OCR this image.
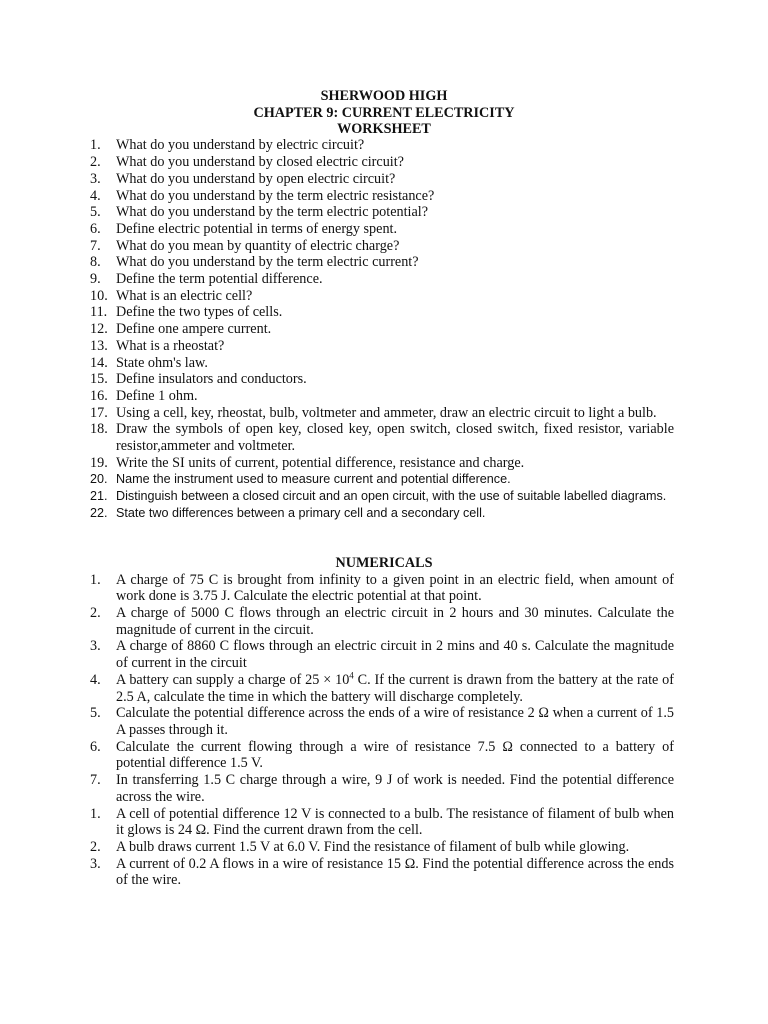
SHERWOOD HIGH
CHAPTER 9: CURRENT ELECTRICITY
WORKSHEET
1.	What do you understand by electric circuit?
2.	What do you understand by closed electric circuit?
3.	What do you understand by open electric circuit?
4.	What do you understand by the term electric resistance?
5.	What do you understand by the term electric potential?
6.	Define electric potential in terms of energy spent.
7.	What do you mean by quantity of electric charge?
8.	What do you understand by the term electric current?
9.	Define the term potential difference.
10. What is an electric cell?
11. Define the two types of cells.
12. Define one ampere current.
13. What is a rheostat?
14. State ohm's law.
15. Define insulators and conductors.
16. Define 1 ohm.
17. Using a cell, key, rheostat, bulb, voltmeter and ammeter, draw an electric circuit to light a bulb.
18. Draw the symbols of open key, closed key, open switch, closed switch, fixed resistor, variable resistor,ammeter and voltmeter.
19. Write the SI units of current, potential difference, resistance and charge.
20. Name the instrument used to measure current and potential difference.
21. Distinguish between a closed circuit and an open circuit, with the use of suitable labelled diagrams.
22. State two differences between a primary cell and a secondary cell.
NUMERICALS
1.	A charge of 75 C is brought from infinity to a given point in an electric field, when amount of work done is 3.75 J. Calculate the electric potential at that point.
2.	A charge of 5000 C flows through an electric circuit in 2 hours and 30 minutes. Calculate the magnitude of current in the circuit.
3.	A charge of 8860 C flows through an electric circuit in 2 mins and 40 s. Calculate the magnitude of current in the circuit
4.	A battery can supply a charge of $25 \times 10^4$ C. If the current is drawn from the battery at the rate of 2.5 A, calculate the time in which the battery will discharge completely.
5.	Calculate the potential difference across the ends of a wire of resistance 2 Ω when a current of 1.5 A passes through it.
6.	Calculate the current flowing through a wire of resistance 7.5 Ω connected to a battery of potential difference 1.5 V.
7.	In transferring 1.5 C charge through a wire, 9 J of work is needed. Find the potential difference across the wire.
1.	A cell of potential difference 12 V is connected to a bulb. The resistance of filament of bulb when it glows is 24 Ω. Find the current drawn from the cell.
2.	A bulb draws current 1.5 V at 6.0 V. Find the resistance of filament of bulb while glowing.
3.	A current of 0.2 A flows in a wire of resistance 15 Ω. Find the potential difference across the ends of the wire.
